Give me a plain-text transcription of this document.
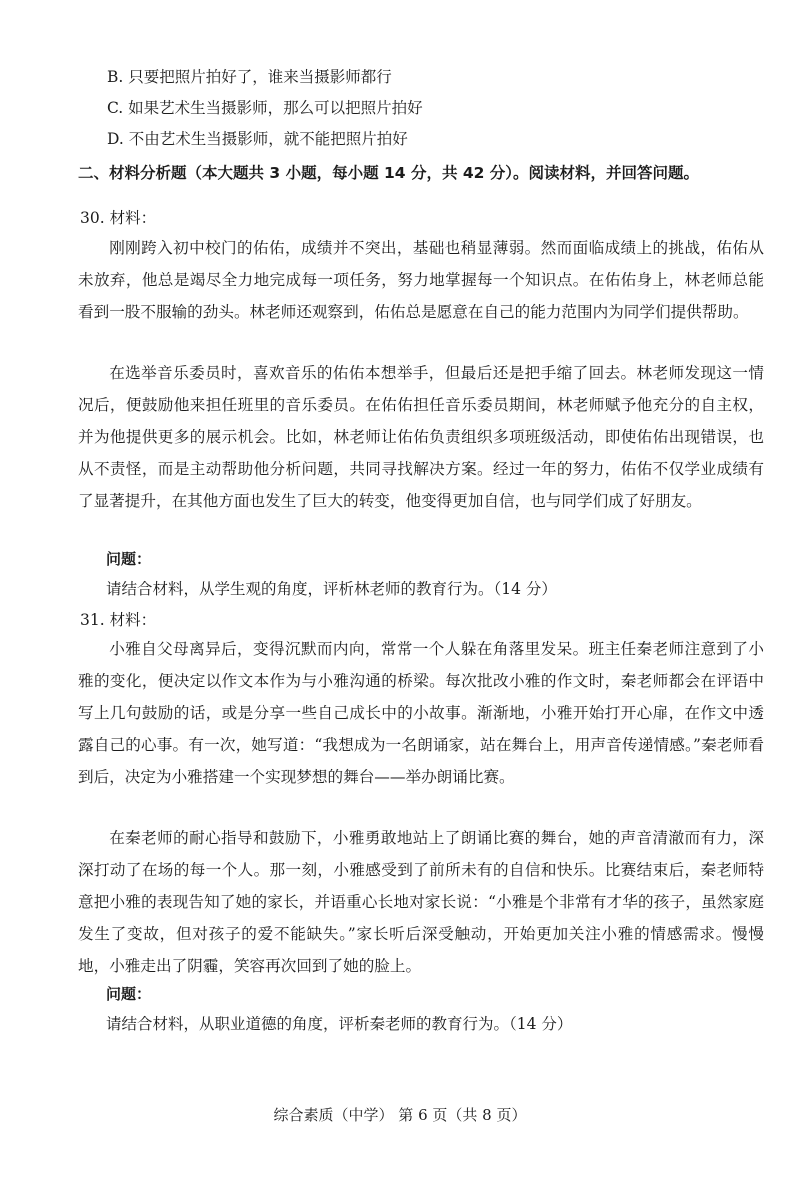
B. 只要把照片拍好了，谁来当摄影师都行
C. 如果艺术生当摄影师，那么可以把照片拍好
D. 不由艺术生当摄影师，就不能把照片拍好
二、材料分析题（本大题共 3 小题，每小题 14 分，共 42 分）。阅读材料，并回答问题。
30. 材料：
刚刚跨入初中校门的佑佑，成绩并不突出，基础也稍显薄弱。然而面临成绩上的挑战，佑佑从未放弃，他总是竭尽全力地完成每一项任务，努力地掌握每一个知识点。在佑佑身上，林老师总能看到一股不服输的劲头。林老师还观察到，佑佑总是愿意在自己的能力范围内为同学们提供帮助。
在选举音乐委员时，喜欢音乐的佑佑本想举手，但最后还是把手缩了回去。林老师发现这一情况后，便鼓励他来担任班里的音乐委员。在佑佑担任音乐委员期间，林老师赋予他充分的自主权，并为他提供更多的展示机会。比如，林老师让佑佑负责组织多项班级活动，即使佑佑出现错误，也从不责怪，而是主动帮助他分析问题，共同寻找解决方案。经过一年的努力，佑佑不仅学业成绩有了显著提升，在其他方面也发生了巨大的转变，他变得更加自信，也与同学们成了好朋友。
问题：
请结合材料，从学生观的角度，评析林老师的教育行为。（14 分）
31. 材料：
小雅自父母离异后，变得沉默而内向，常常一个人躲在角落里发呆。班主任秦老师注意到了小雅的变化，便决定以作文本作为与小雅沟通的桥梁。每次批改小雅的作文时，秦老师都会在评语中写上几句鼓励的话，或是分享一些自己成长中的小故事。渐渐地，小雅开始打开心扉，在作文中透露自己的心事。有一次，她写道：“我想成为一名朗诵家，站在舞台上，用声音传递情感。”秦老师看到后，决定为小雅搭建一个实现梦想的舞台——举办朗诵比赛。
在秦老师的耐心指导和鼓励下，小雅勇敢地站上了朗诵比赛的舞台，她的声音清澈而有力，深深打动了在场的每一个人。那一刻，小雅感受到了前所未有的自信和快乐。比赛结束后，秦老师特意把小雅的表现告知了她的家长，并语重心长地对家长说：“小雅是个非常有才华的孩子，虽然家庭发生了变故，但对孩子的爱不能缺失。”家长听后深受触动，开始更加关注小雅的情感需求。慢慢地，小雅走出了阴霾，笑容再次回到了她的脸上。
问题：
请结合材料，从职业道德的角度，评析秦老师的教育行为。（14 分）
综合素质（中学） 第 6 页（共 8 页）
